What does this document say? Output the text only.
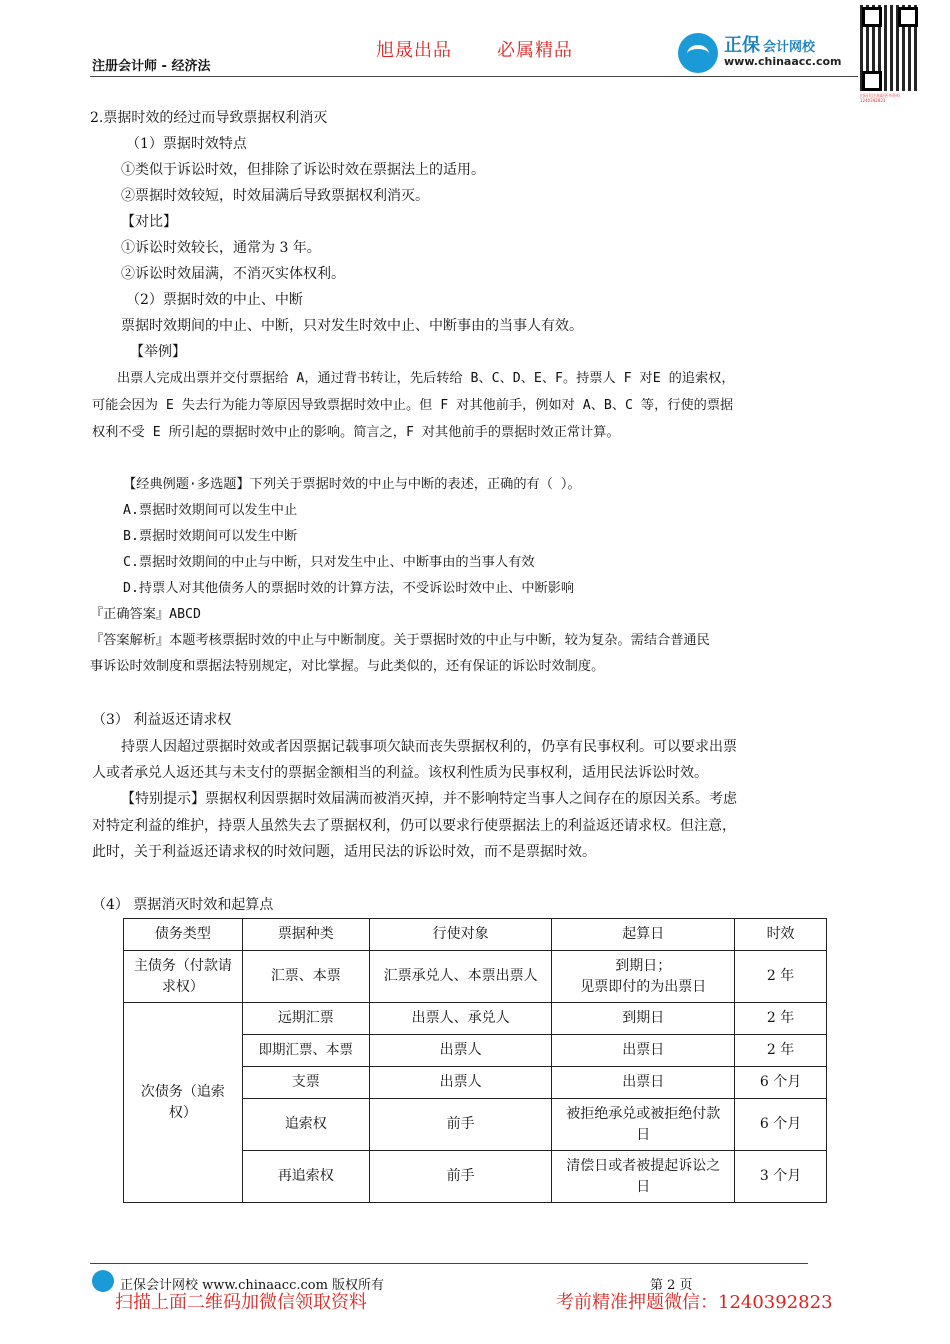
旭晟出品	必属精品
注册会计师 - 经济法
正保 会计网校
www.chinaacc.com
扫码关注获取更多资料 1240392823
2.票据时效的经过而导致票据权利消灭
（1）票据时效特点
①类似于诉讼时效，但排除了诉讼时效在票据法上的适用。
②票据时效较短，时效届满后导致票据权利消灭。
【对比】
①诉讼时效较长，通常为 3 年。
②诉讼时效届满，不消灭实体权利。
（2）票据时效的中止、中断
票据时效期间的中止、中断，只对发生时效中止、中断事由的当事人有效。
【举例】
出票人完成出票并交付票据给 A，通过背书转让，先后转给 B、C、D、E、F。持票人 F 对E 的追索权，
可能会因为 E 失去行为能力等原因导致票据时效中止。但 F 对其他前手，例如对 A、B、C 等，行使的票据
权利不受 E 所引起的票据时效中止的影响。简言之，F 对其他前手的票据时效正常计算。
【经典例题·多选题】下列关于票据时效的中止与中断的表述，正确的有（ ）。
A.票据时效期间可以发生中止
B.票据时效期间可以发生中断
C.票据时效期间的中止与中断，只对发生中止、中断事由的当事人有效
D.持票人对其他债务人的票据时效的计算方法，不受诉讼时效中止、中断影响
『正确答案』ABCD
『答案解析』本题考核票据时效的中止与中断制度。关于票据时效的中止与中断，较为复杂。需结合普通民
事诉讼时效制度和票据法特别规定，对比掌握。与此类似的，还有保证的诉讼时效制度。
（3） 利益返还请求权
持票人因超过票据时效或者因票据记载事项欠缺而丧失票据权利的，仍享有民事权利。可以要求出票
人或者承兑人返还其与未支付的票据金额相当的利益。该权利性质为民事权利，适用民法诉讼时效。
【特别提示】票据权利因票据时效届满而被消灭掉，并不影响特定当事人之间存在的原因关系。考虑
对特定利益的维护，持票人虽然失去了票据权利，仍可以要求行使票据法上的利益返还请求权。但注意，
此时，关于利益返还请求权的时效问题，适用民法的诉讼时效，而不是票据时效。
（4） 票据消灭时效和起算点
债务类型	票据种类	行使对象	起算日	时效
主债务（付款请求权）	汇票、本票	汇票承兑人、本票出票人	到期日；
见票即付的为出票日	2 年
次债务（追索权）	远期汇票	出票人、承兑人	到期日	2 年
	即期汇票、本票	出票人	出票日	2 年
	支票	出票人	出票日	6 个月
	追索权	前手	被拒绝承兑或被拒绝付款日	6 个月
	再追索权	前手	清偿日或者被提起诉讼之日	3 个月
正保会计网校 www.chinaacc.com 版权所有	第 2 页
扫描上面二维码加微信领取资料	考前精准押题微信：1240392823
